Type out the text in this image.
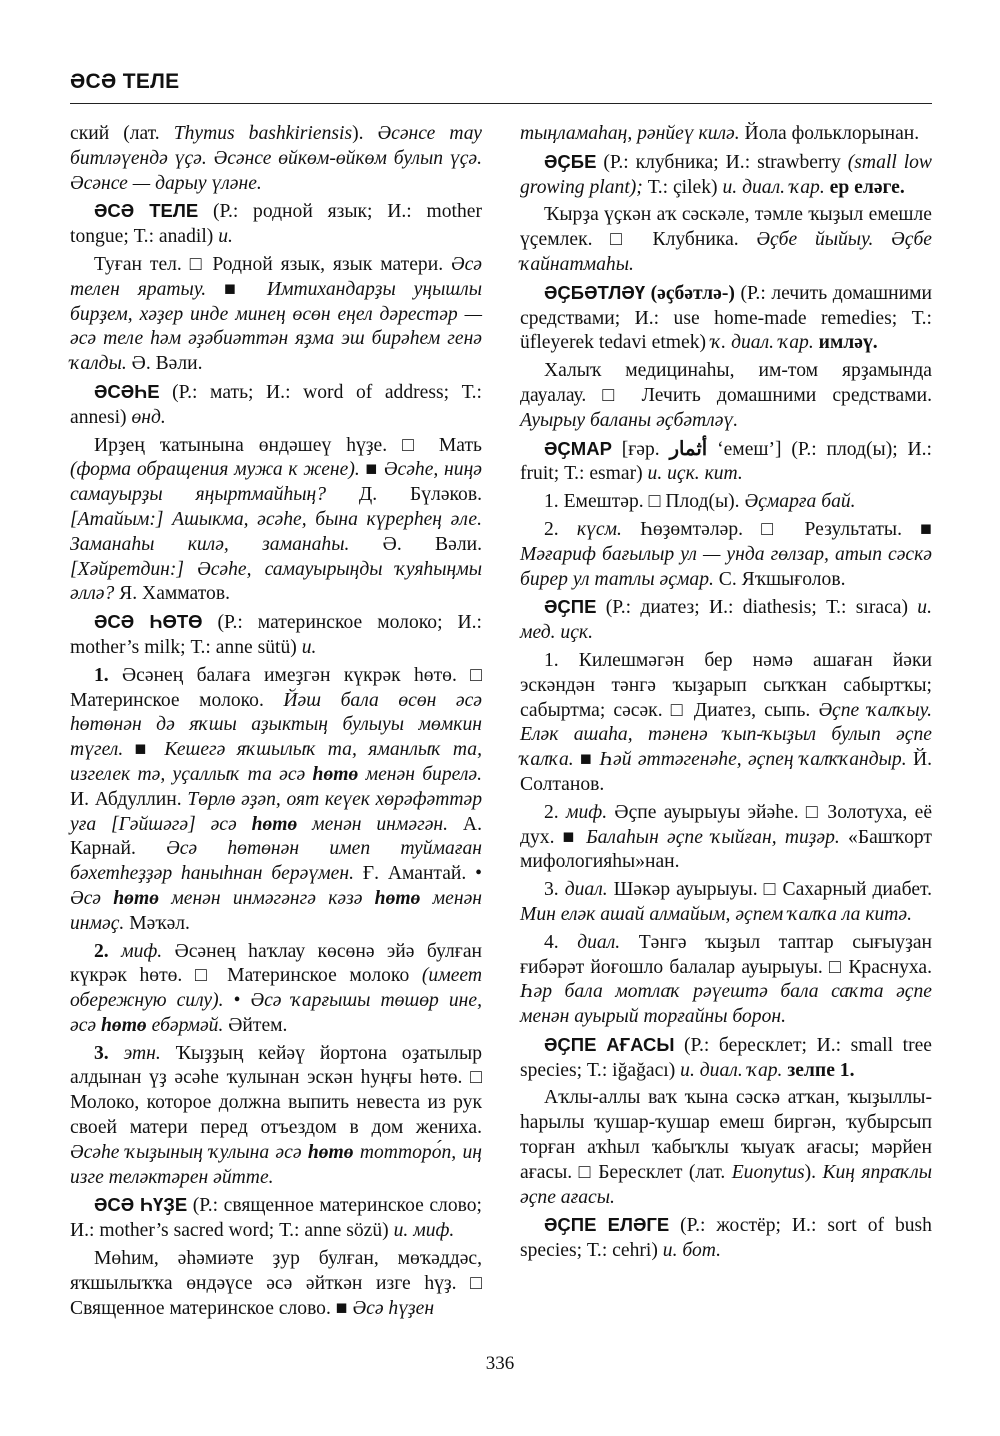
ӘСӘ ТЕЛЕ

ский (лат. Thymus bashkiriensis). Әсәнсе тау битләүендә үҫә. Әсәнсе өйкөм-өйкөм булып үҫә. Әсәнсе — дарыу үләне.

ӘСӘ ТЕЛЕ (Р.: родной язык; И.: mother tongue; Т.: anadil) и.

Туған тел. □ Родной язык, язык матери. Әсә телен яратыу. ■ Имтихандарҙы уңышлы бирҙем, хәҙер инде минең өсөн еңел дәрестәр — әсә теле һәм әҙәбиәттән яҙма эш бирәһем генә ҡалды. Ә. Вәли.

ӘСӘҺЕ (Р.: мать; И.: word of address; Т.: annesi) өнд.

Ирҙең ҡатынына өндәшеү һүҙе. □ Мать (форма обращения мужа к жене). ■ Әсәһе, ниңә самауырҙы яңыртмайһың? Д. Бүләков. [Атайым:] Ашыкма, әсәһе, бына күрерһең әле. Заманаһы килә, заманаһы. Ә. Вәли. [Хәйретдин:] Әсәһе, самауырыңды ҡуяһыңмы әллә? Я. Хамматов.

ӘСӘ ҺӨТӨ (Р.: материнское молоко; И.: mother’s milk; Т.: anne sütü) и.

1. Әсәнең балаға имеҙгән күкрәк һөтө. □ Материнское молоко. Йәш бала өсөн әсә һөтөнән дә яҡшы аҙыктың булыуы мөмкин түгел. ■ Кешегә яҡшылыҡ та, яманлыҡ та, изгелек тә, уҫаллыҡ та әсә һөтө менән бирелә. И. Абдуллин. Төрлө әҙәп, оят кеүек хөрәфәттәр уға [Гәйшәгә] әсә һөтө менән инмәгән. А. Карнай. Әсә һөтөнән имеп туймаған бәхетһеҙҙәр һаныһнан берәүмен. Ғ. Амантай. • Әсә һөтө менән инмәгәнгә кәзә һөтө менән инмәҫ. Мәҡәл.

2. миф. Әсәнең һаҡлау көсөнә эйә булған күкрәк һөтө. □ Материнское молоко (имеет обережную силу). • Әсә ҡарғышы төшөр ине, әсә һөтө ебәрмәй. Әйтем.

3. этн. Ҡыҙҙың кейәү йортона оҙатылыр алдынан үҙ әсәһе ҡулынан эскән һуңғы һөтө. □ Молоко, которое должна выпить невеста из рук своей матери перед отъездом в дом жениха. Әсәһе ҡыҙының ҡулына әсә һөтө тотторо́п, иң изге теләктәрен әйтте.

ӘСӘ ҺҮҘЕ (Р.: священное материнское слово; И.: mother’s sacred word; Т.: anne sözü) и. миф.

Мөһим, әһәмиәте ҙур булған, мөҡәддәс, яҡшылыҡҡа өндәүсе әсә әйткән изге һүҙ. □ Священное материнское слово. ■ Әсә һүҙен

тыңламаһаң, рәнйеү килә. Йола фольклорынан.

ӘҪБЕ (Р.: клубника; И.: strawberry (small low growing plant); Т.: çilek) и. диал. ҡар. ер еләге.

Ҡырҙа үҫкән аҡ сәскәле, тәмле ҡыҙыл емешле үҫемлек. □ Клубника. Әҫбе йыйыу. Әҫбе ҡайнатмаһы.

ӘҪБӘТЛӘҮ (әҫбәтлә-) (Р.: лечить домашними средствами; И.: use home-made remedies; Т.: üfleyerek tedavi etmek) ҡ. диал. ҡар. имләү.

Халыҡ медицинаһы, им-том ярҙамында дауалау. □ Лечить домашними средствами. Ауырыу баланы әҫбәтләү.

ӘҪМАР [ғәр. أثمار ‘емеш’] (Р.: плод(ы); И.: fruit; Т.: esmar) и. иҫк. кит.

1. Емештәр. □ Плод(ы). Әҫмарға бай.

2. күсм. Һөҙөмтәләр. □ Результаты. ■ Мәғариф бағылыр ул — унда гөлзар, атып сәскә бирер ул татлы әҫмар. С. Яҡшығолов.

ӘҪПЕ (Р.: диатез; И.: diathesis; Т.: sıraca) и. мед. иҫк.

1. Килешмәгән бер нәмә ашаған йәки эскәндән тәнгә ҡыҙарып сыҡҡан сабыртҡы; сабыртма; сәсәк. □ Диатез, сыпь. Әҫпе ҡалҡыу. Еләк ашаһа, тәненә ҡып-ҡыҙыл булып әҫпе ҡалҡа. ■ Һәй әттәгенәһе, әҫпең ҡалҡҡандыр. Й. Солтанов.

2. миф. Әҫпе ауырыуы эйәһе. □ Золотуха, её дух. ■ Балаһын әҫпе ҡыйған, тиҙәр. «Башҡорт мифологияһы»нан.

3. диал. Шәкәр ауырыуы. □ Сахарный диабет. Мин еләк ашай алмайым, әҫпем ҡалҡа ла китә.

4. диал. Тәнгә ҡыҙыл таптар сығыуҙан ғибәрәт йоғошло балалар ауырыуы. □ Краснуха. Һәр бала мотлаҡ рәүештә бала саҡта әҫпе менән ауырый торғайны борон.

ӘҪПЕ АҒАСЫ (Р.: бересклет; И.: small tree species; Т.: iğağacı) и. диал. ҡар. зелпе 1.

Аҡлы-аллы ваҡ ҡына сәскә атҡан, ҡыҙыллы-һарылы ҡушар-ҡушар емеш биргән, ҡубырсып торған аҡһыл ҡабыҡлы ҡыуаҡ ағасы; мәрйен ағасы. □ Бересклет (лат. Euonytus). Киң япраҡлы әҫпе ағасы.

ӘҪПЕ ЕЛӘГЕ (Р.: жостёр; И.: sort of bush species; Т.: cehri) и. бот.

336
